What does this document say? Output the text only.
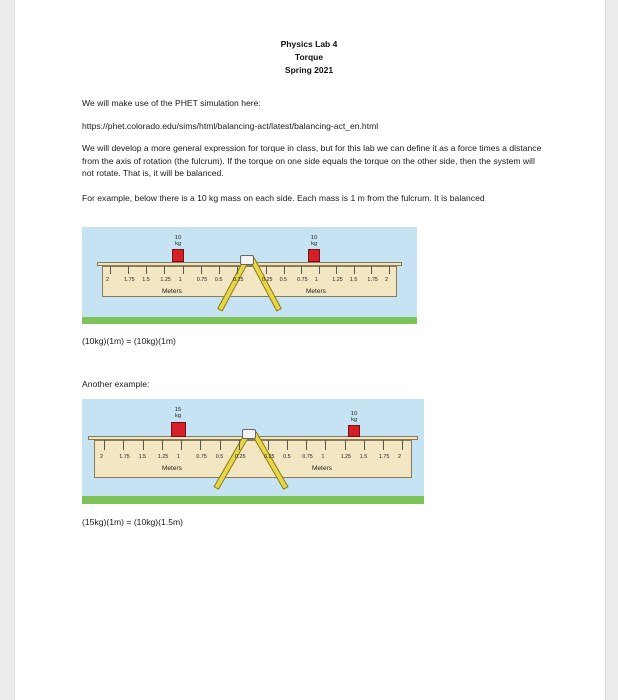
Physics Lab 4
Torque
Spring 2021
We will make use of the PHET simulation here:
https://phet.colorado.edu/sims/html/balancing-act/latest/balancing-act_en.html
We will develop a more general expression for torque in class, but for this lab we can define it as a force times a distance from the axis of rotation (the fulcrum). If the torque on one side equals the torque on the other side, then the system will not rotate. That is, it will be balanced.
For example, below there is a 10 kg mass on each side. Each mass is 1 m from the fulcrum. It is balanced
10
kg
10
kg
Meters	Meters
2	1.75 1.5 1.25 1	0.75 0.5 0.25	0.25 0.5 0.75 1	1.25 1.5 1.75 2
(10kg)(1m) = (10kg)(1m)
Another example:
15
kg	10
kg
Meters	Meters
2	1.75 1.5 1.25 1	0.75 0.5 0.25	0.25 0.5 0.75 1	1.25 1.5 1.75 2
(15kg)(1m) = (10kg)(1.5m)
